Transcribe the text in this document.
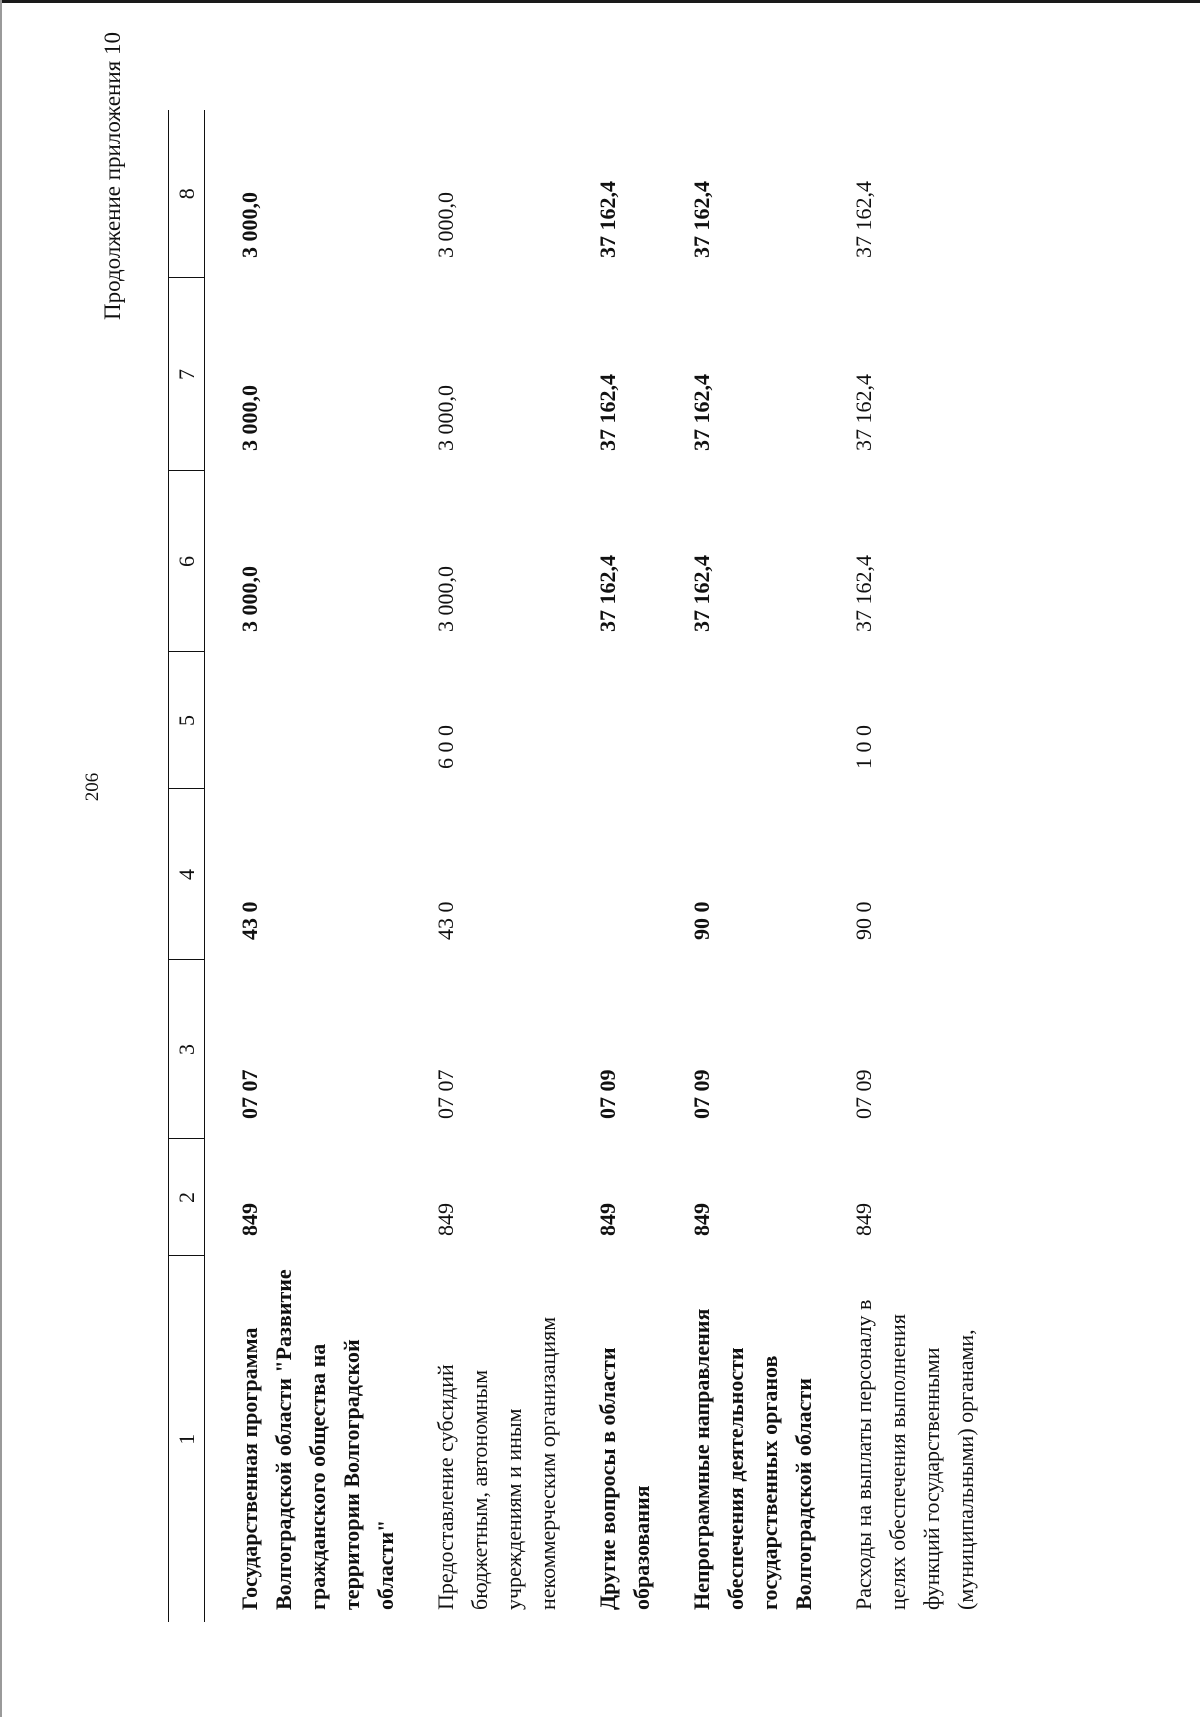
206
Продолжение приложения 10
1	2	3	4	5	6	7	8
Государственная программа Волгоградской области "Развитие гражданского общества на территории Волгоградской области"	849	07 07	43 0		3 000,0	3 000,0	3 000,0
Предоставление субсидий бюджетным, автономным учреждениям и иным некоммерческим организациям	849	07 07	43 0	6 0 0	3 000,0	3 000,0	3 000,0
Другие вопросы в области образования	849	07 09			37 162,4	37 162,4	37 162,4
Непрограммные направления обеспечения деятельности государственных органов Волгоградской области	849	07 09	90 0		37 162,4	37 162,4	37 162,4
Расходы на выплаты персоналу в целях обеспечения выполнения функций государственными (муниципальными) органами,	849	07 09	90 0	1 0 0	37 162,4	37 162,4	37 162,4
